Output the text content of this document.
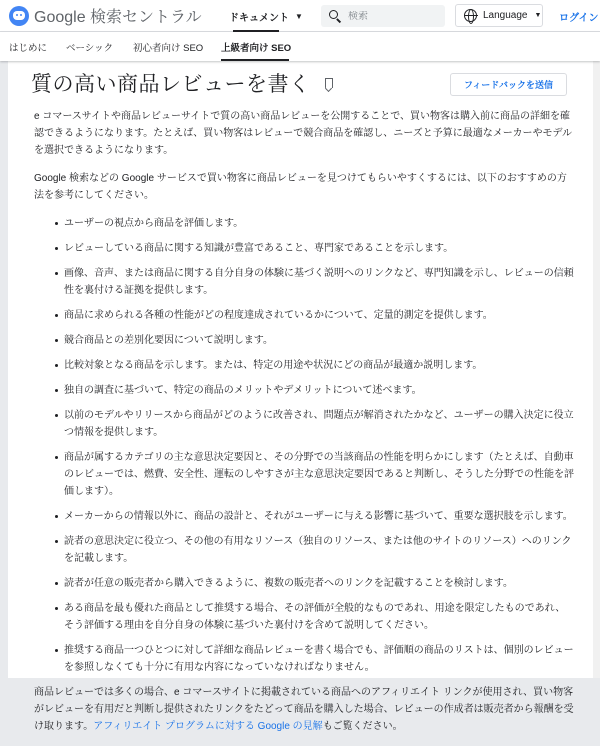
Google 検索セントラル	ドキュメント ▼
検索	Language ▼ ログイン
はじめに ベーシック 初心者向け SEO 上級者向け SEO
質の高い商品レビューを書く	フィードバックを送信

e コマースサイトや商品レビューサイトで質の高い商品レビューを公開することで、買い物客は購入前に商品の詳細を確認できるようになります。たとえば、買い物客はレビューで競合商品を確認し、ニーズと予算に最適なメーカーやモデルを選択できるようになります。

Google 検索などの Google サービスで買い物客に商品レビューを見つけてもらいやすくするには、以下のおすすめの方法を参考にしてください。

ユーザーの視点から商品を評価します。
レビューしている商品に関する知識が豊富であること、専門家であることを示します。
画像、音声、または商品に関する自分自身の体験に基づく説明へのリンクなど、専門知識を示し、レビューの信頼性を裏付ける証拠を提供します。
商品に求められる各種の性能がどの程度達成されているかについて、定量的測定を提供します。
競合商品との差別化要因について説明します。
比較対象となる商品を示します。または、特定の用途や状況にどの商品が最適か説明します。
独自の調査に基づいて、特定の商品のメリットやデメリットについて述べます。
以前のモデルやリリースから商品がどのように改善され、問題点が解消されたかなど、ユーザーの購入決定に役立つ情報を提供します。
商品が属するカテゴリの主な意思決定要因と、その分野での当該商品の性能を明らかにします（たとえば、自動車のレビューでは、燃費、安全性、運転のしやすさが主な意思決定要因であると判断し、そうした分野での性能を評価します）。
メーカーからの情報以外に、商品の設計と、それがユーザーに与える影響に基づいて、重要な選択肢を示します。
読者の意思決定に役立つ、その他の有用なリソース（独自のリソース、または他のサイトのリソース）へのリンクを記載します。
読者が任意の販売者から購入できるように、複数の販売者へのリンクを記載することを検討します。
ある商品を最も優れた商品として推奨する場合、その評価が全般的なものであれ、用途を限定したものであれ、そう評価する理由を自分自身の体験に基づいた裏付けを含めて説明してください。
推奨する商品一つひとつに対して詳細な商品レビューを書く場合でも、評価順の商品のリストは、個別のレビューを参照しなくても十分に有用な内容になっていなければなりません。

商品レビューでは多くの場合、e コマースサイトに掲載されている商品へのアフィリエイト リンクが使用され、買い物客がレビューを有用だと判断し提供されたリンクをたどって商品を購入した場合、レビューの作成者は販売者から報酬を受け取ります。アフィリエイト プログラムに対する Google の見解もご覧ください。
